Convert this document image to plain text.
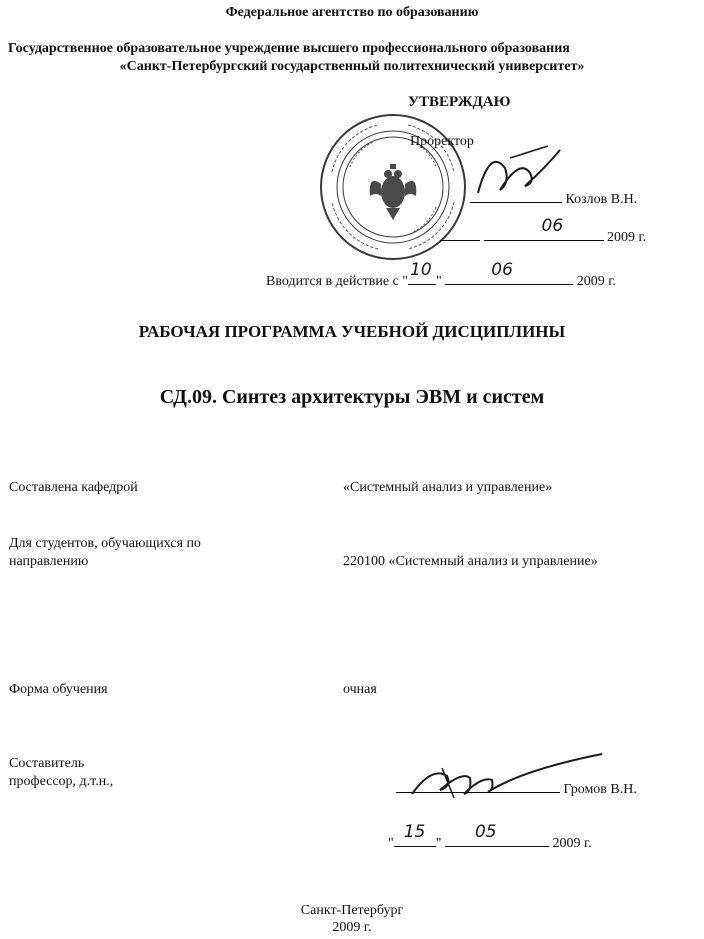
Федеральное агентство по образованию
Государственное образовательное учреждение высшего профессионального образования
«Санкт-Петербургский государственный политехнический университет»
УТВЕРЖДАЮ
Проректор
Козлов В.Н.

06
2009 г.
Вводится в действие с "
10
"
06
2009 г.
РАБОЧАЯ ПРОГРАММА УЧЕБНОЙ ДИСЦИПЛИНЫ
СД.09. Синтез архитектуры ЭВМ и систем
Составлена кафедрой	«Системный анализ и управление»
Для студентов, обучающихся по направлению	220100 «Системный анализ и управление»
Форма обучения	очная
Составитель
профессор, д.т.н.,
Громов В.Н.
"
15
"
05
2009 г.
Санкт-Петербург
2009 г.
